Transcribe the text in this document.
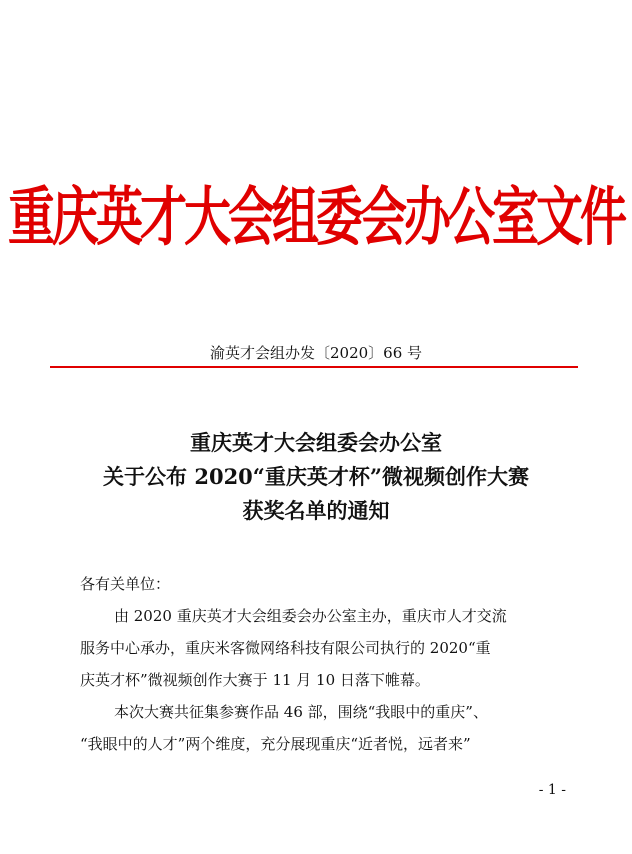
重庆英才大会组委会办公室文件
渝英才会组办发〔2020〕66 号
重庆英才大会组委会办公室
关于公布 2020“重庆英才杯”微视频创作大赛
获奖名单的通知
各有关单位：
由 2020 重庆英才大会组委会办公室主办，重庆市人才交流
服务中心承办，重庆米客微网络科技有限公司执行的 2020“重
庆英才杯”微视频创作大赛于 11 月 10 日落下帷幕。
本次大赛共征集参赛作品 46 部，围绕“我眼中的重庆”、
“我眼中的人才”两个维度，充分展现重庆“近者悦，远者来”
- 1 -
